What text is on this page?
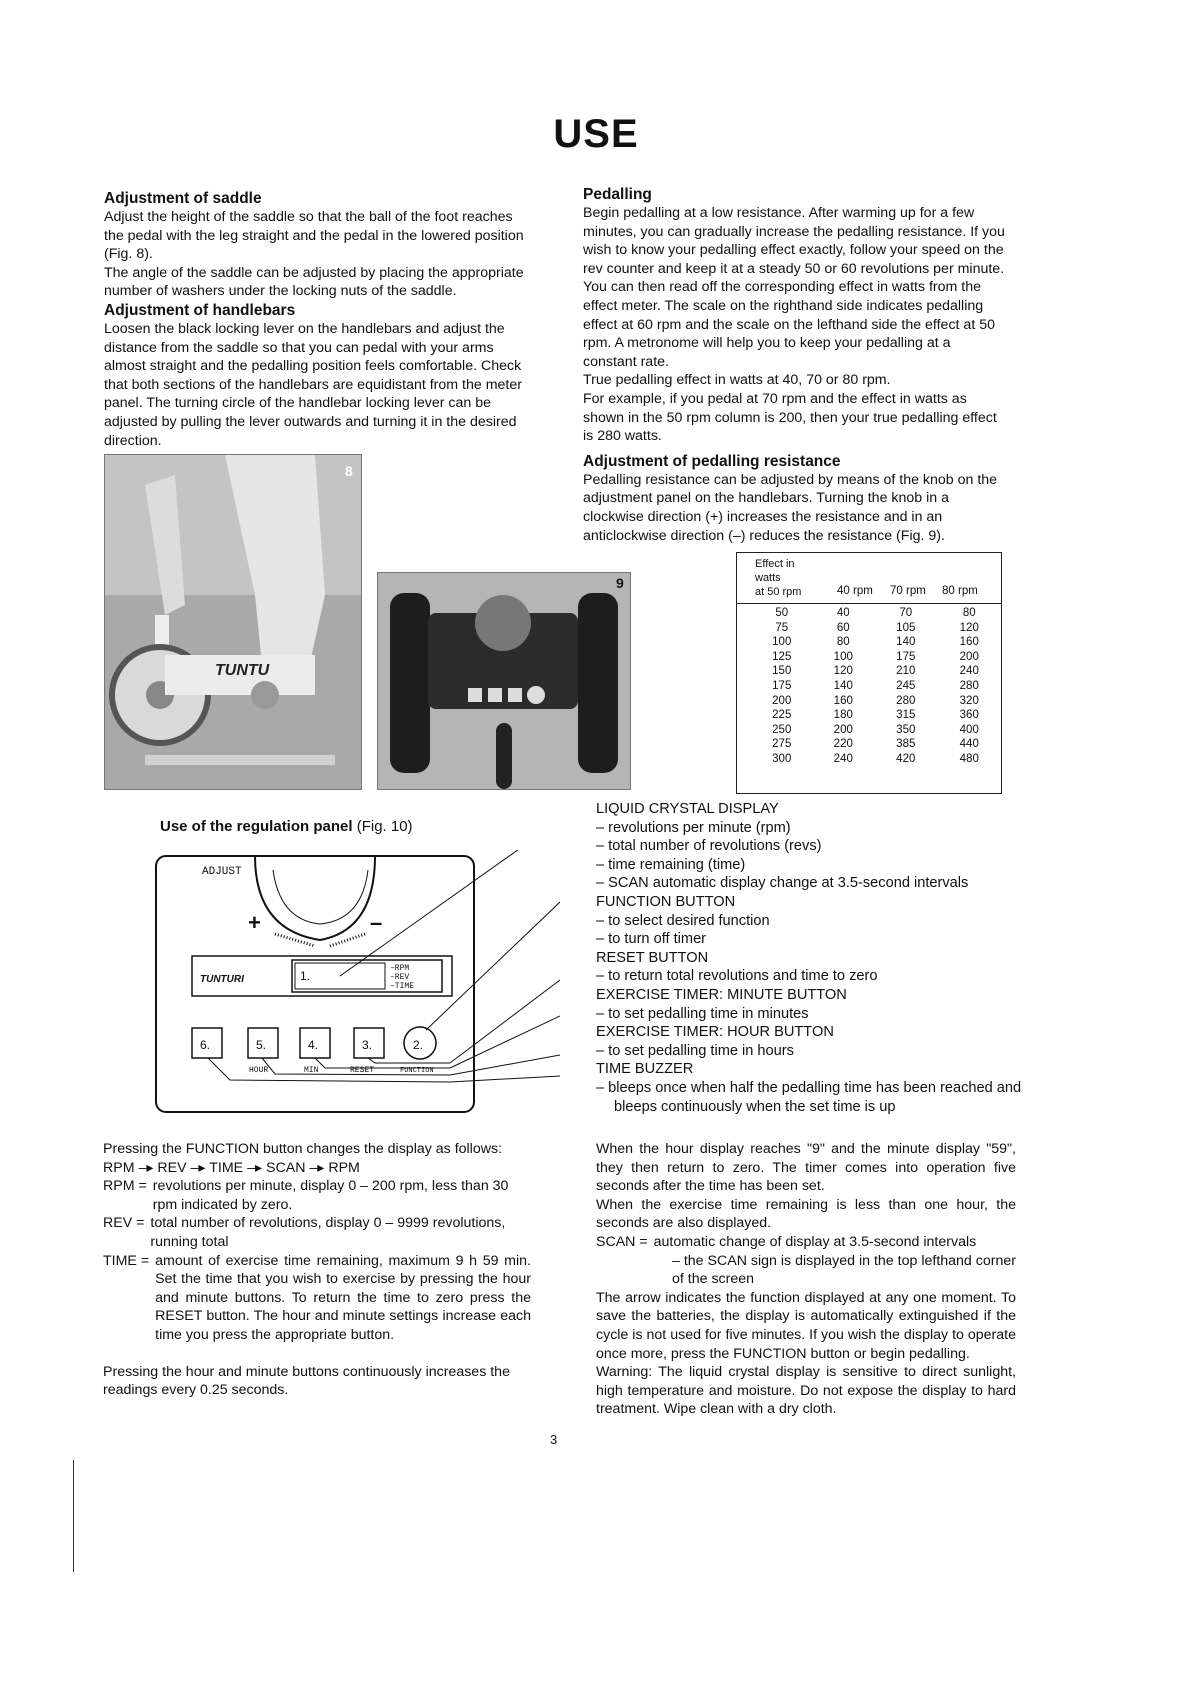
USE
Adjustment of saddle

Adjust the height of the saddle so that the ball of the foot reaches the pedal with the leg straight and the pedal in the lowered position (Fig. 8).

The angle of the saddle can be adjusted by placing the appropriate number of washers under the locking nuts of the saddle.

Adjustment of handlebars

Loosen the black locking lever on the handlebars and adjust the distance from the saddle so that you can pedal with your arms almost straight and the pedalling position feels comfortable. Check that both sections of the handlebars are equidistant from the meter panel. The turning circle of the handlebar locking lever can be adjusted by pulling the lever outwards and turning it in the desired direction.

Pedalling

Begin pedalling at a low resistance. After warming up for a few minutes, you can gradually increase the pedalling resistance. If you wish to know your pedalling effect exactly, follow your speed on the rev counter and keep it at a steady 50 or 60 revolutions per minute. You can then read off the corresponding effect in watts from the effect meter. The scale on the righthand side indicates pedalling effect at 60 rpm and the scale on the lefthand side the effect at 50 rpm. A metronome will help you to keep your pedalling at a constant rate.

True pedalling effect in watts at 40, 70 or 80 rpm.

For example, if you pedal at 70 rpm and the effect in watts as shown in the 50 rpm column is 200, then your true pedalling effect is 280 watts.

Adjustment of pedalling resistance

Pedalling resistance can be adjusted by means of the knob on the adjustment panel on the handlebars. Turning the knob in a clockwise direction (+) increases the resistance and in an anticlockwise direction (–) reduces the resistance (Fig. 9).

TUNTU
8
9
Effect in
watts
at 50 rpm	40 rpm 70 rpm 80 rpm
50	40	70	80
75	60	105	120
100	80	140	160
125	100	175	200
150	120	210	240
175	140	245	280
200	160	280	320
225	180	315	360
250	200	350	400
275	220	385	440
300	240	420	480
Use of the regulation panel (Fig. 10)
ADJUST
+	–
TUNTURI	1.
–RPM
–REV
–TIME
6.	5.	4.	3.	2.
HOUR	MIN	RESET	FUNCTION
LIQUID CRYSTAL DISPLAY
– revolutions per minute (rpm)
– total number of revolutions (revs)
– time remaining (time)
– SCAN automatic display change at 3.5-second intervals
FUNCTION BUTTON
– to select desired function
– to turn off timer
RESET BUTTON
– to return total revolutions and time to zero
EXERCISE TIMER: MINUTE BUTTON
– to set pedalling time in minutes
EXERCISE TIMER: HOUR BUTTON
– to set pedalling time in hours
TIME BUZZER
– bleeps once when half the pedalling time has been reached and
bleeps continuously when the set time is up
Pressing the FUNCTION button changes the display as follows:
RPM –▸ REV –▸ TIME –▸ SCAN –▸ RPM
RPM = revolutions per minute, display 0 – 200 rpm, less than 30 rpm indicated by zero.
REV = total number of revolutions, display 0 – 9999 revolutions, running total
TIME = amount of exercise time remaining, maximum 9 h 59 min. Set the time that you wish to exercise by pressing the hour and minute buttons. To return the time to zero press the RESET button. The hour and minute settings increase each time you press the appropriate button.
Pressing the hour and minute buttons continuously increases the readings every 0.25 seconds.
When the hour display reaches "9" and the minute display "59", they then return to zero. The timer comes into operation five seconds after the time has been set.
When the exercise time remaining is less than one hour, the seconds are also displayed.
SCAN = automatic change of display at 3.5-second intervals
– the SCAN sign is displayed in the top lefthand corner of the screen
The arrow indicates the function displayed at any one moment. To save the batteries, the display is automatically extinguished if the cycle is not used for five minutes. If you wish the display to operate once more, press the FUNCTION button or begin pedalling.
Warning: The liquid crystal display is sensitive to direct sunlight, high temperature and moisture. Do not expose the display to hard treatment. Wipe clean with a dry cloth.
3
